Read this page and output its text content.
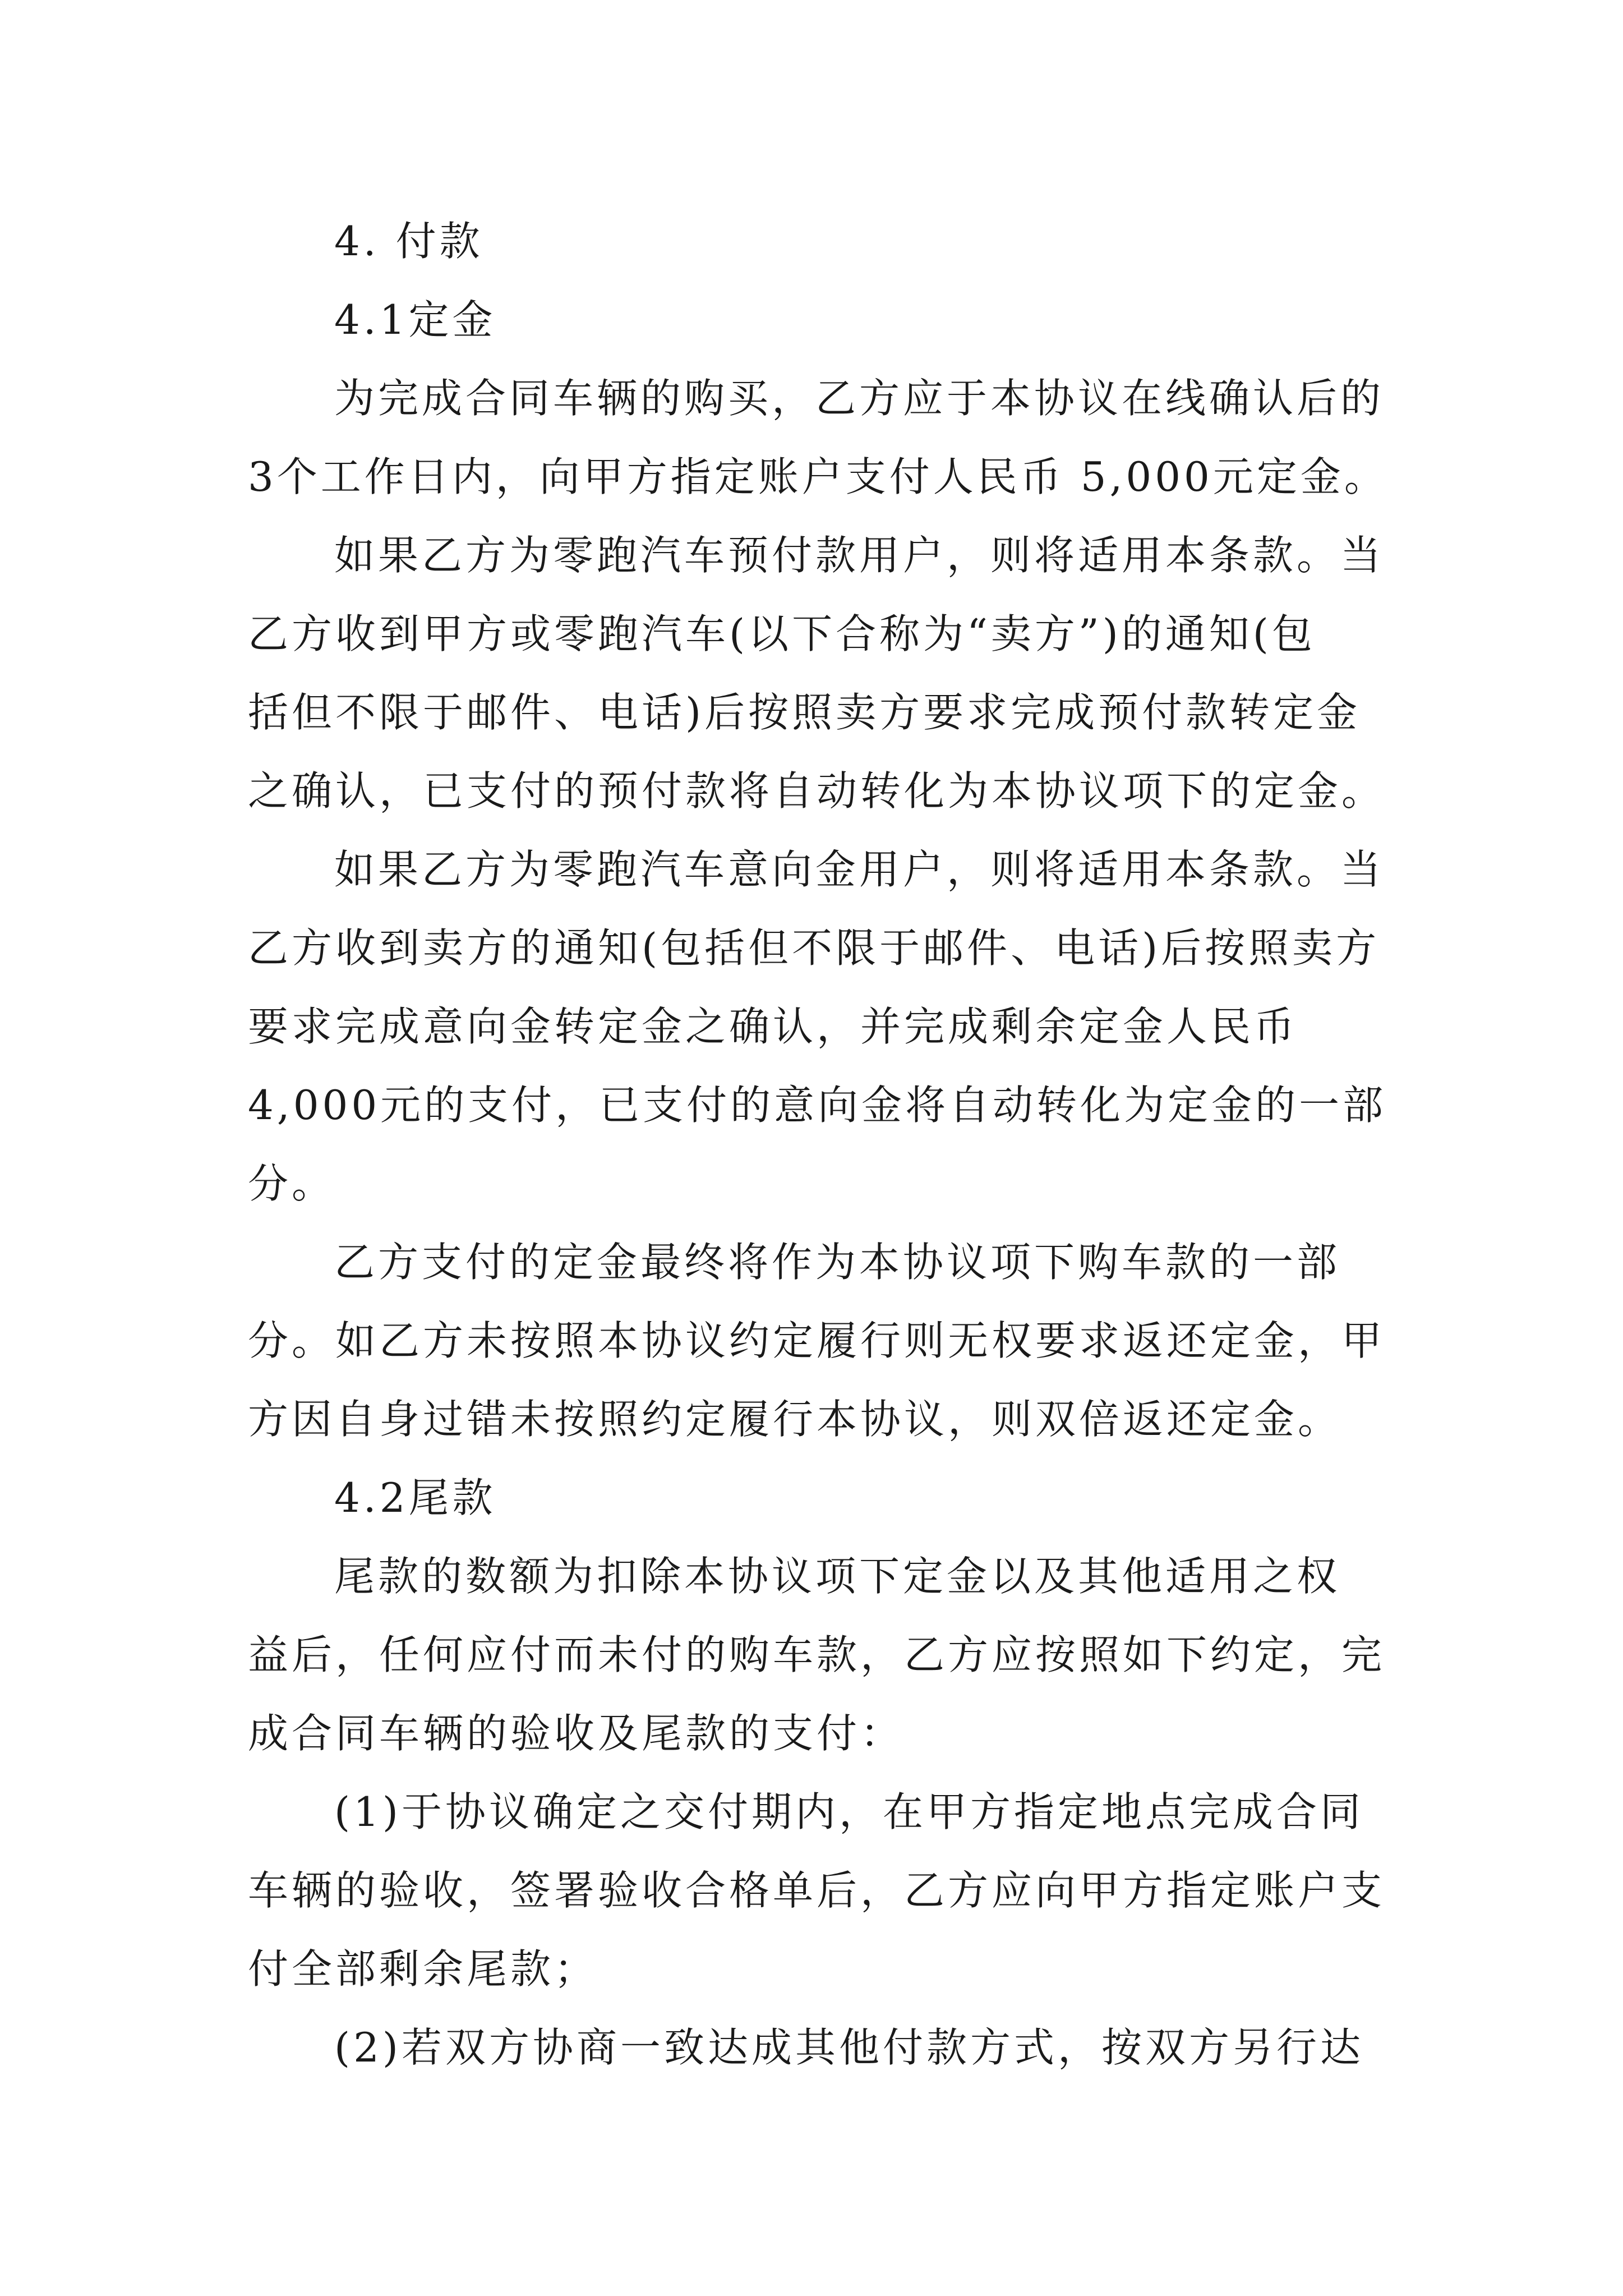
4. 付款
4.1定金
为完成合同车辆的购买，乙方应于本协议在线确认后的
3个工作日内，向甲方指定账户支付人民币 5,000元定金。
如果乙方为零跑汽车预付款用户，则将适用本条款。当
乙方收到甲方或零跑汽车(以下合称为“卖方”)的通知(包
括但不限于邮件、电话)后按照卖方要求完成预付款转定金
之确认，已支付的预付款将自动转化为本协议项下的定金。
如果乙方为零跑汽车意向金用户，则将适用本条款。当
乙方收到卖方的通知(包括但不限于邮件、电话)后按照卖方
要求完成意向金转定金之确认，并完成剩余定金人民币
4,000元的支付，已支付的意向金将自动转化为定金的一部
分。
乙方支付的定金最终将作为本协议项下购车款的一部
分。如乙方未按照本协议约定履行则无权要求返还定金，甲
方因自身过错未按照约定履行本协议，则双倍返还定金。
4.2尾款
尾款的数额为扣除本协议项下定金以及其他适用之权
益后，任何应付而未付的购车款，乙方应按照如下约定，完
成合同车辆的验收及尾款的支付：
(1)于协议确定之交付期内，在甲方指定地点完成合同
车辆的验收，签署验收合格单后，乙方应向甲方指定账户支
付全部剩余尾款；
(2)若双方协商一致达成其他付款方式，按双方另行达
